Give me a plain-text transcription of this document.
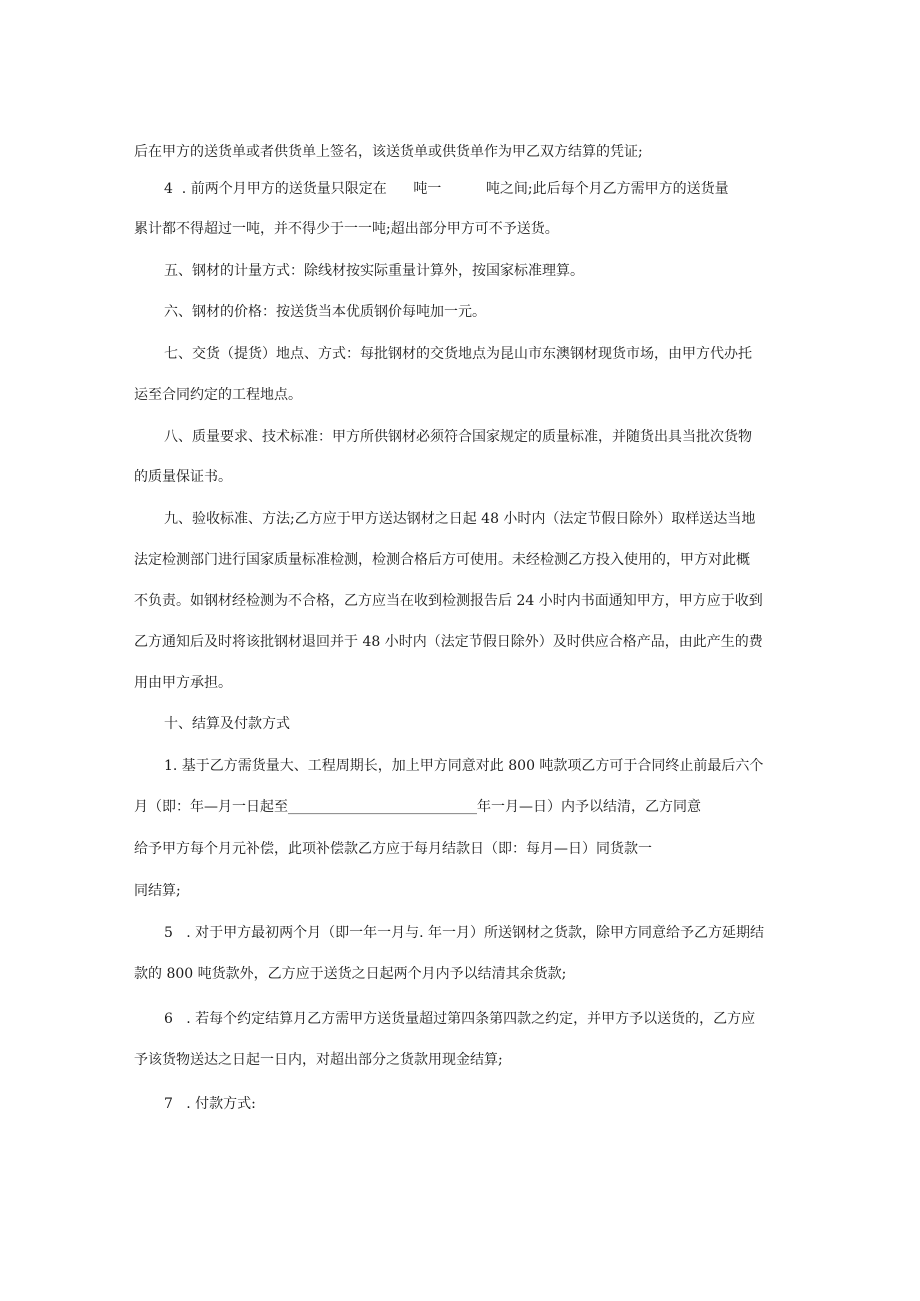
后在甲方的送货单或者供货单上签名，该送货单或供货单作为甲乙双方结算的凭证;
4  . 前两个月甲方的送货量只限定在      吨一          吨之间;此后每个月乙方需甲方的送货量
累计都不得超过一吨，并不得少于一一吨;超出部分甲方可不予送货。
五、钢材的计量方式：除线材按实际重量计算外，按国家标准理算。
六、钢材的价格：按送货当本优质钢价每吨加一元。
七、交货（提货）地点、方式：每批钢材的交货地点为昆山市东澳钢材现货市场，由甲方代办托
运至合同约定的工程地点。
八、质量要求、技术标准：甲方所供钢材必须符合国家规定的质量标准，并随货出具当批次货物
的质量保证书。
九、验收标准、方法;乙方应于甲方送达钢材之日起 48 小时内（法定节假日除外）取样送达当地
法定检测部门进行国家质量标准检测，检测合格后方可使用。未经检测乙方投入使用的，甲方对此概
不负责。如钢材经检测为不合格，乙方应当在收到检测报告后 24 小时内书面通知甲方，甲方应于收到
乙方通知后及时将该批钢材退回并于 48 小时内（法定节假日除外）及时供应合格产品，由此产生的费
用由甲方承担。
十、结算及付款方式
1. 基于乙方需货量大、工程周期长，加上甲方同意对此 800 吨款项乙方可于合同终止前最后六个
月（即：年—月一日起至___________________________年一月—日）内予以结清，乙方同意
给予甲方每个月元补偿，此项补偿款乙方应于每月结款日（即：每月—日）同货款一
同结算;
5   . 对于甲方最初两个月（即一年一月与. 年一月）所送钢材之货款，除甲方同意给予乙方延期结
款的 800 吨货款外，乙方应于送货之日起两个月内予以结清其余货款;
6   . 若每个约定结算月乙方需甲方送货量超过第四条第四款之约定，并甲方予以送货的，乙方应
予该货物送达之日起一日内，对超出部分之货款用现金结算;
7   . 付款方式:
